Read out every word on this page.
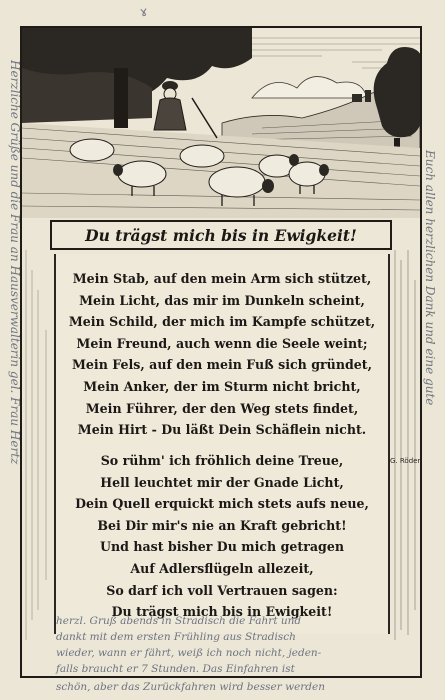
ɤ
Du trägst mich bis in Ewigkeit!
Mein Stab, auf den mein Arm sich stützet,
Mein Licht, das mir im Dunkeln scheint,
Mein Schild, der mich im Kampfe schützet,
Mein Freund, auch wenn die Seele weint;
Mein Fels, auf den mein Fuß sich gründet,
Mein Anker, der im Sturm nicht bricht,
Mein Führer, der den Weg stets findet,
Mein Hirt - Du läßt Dein Schäflein nicht.
So rühm' ich fröhlich deine Treue,
Hell leuchtet mir der Gnade Licht,
Dein Quell erquickt mich stets aufs neue,
Bei Dir mir's nie an Kraft gebricht!
Und hast bisher Du mich getragen
Auf Adlersflügeln allezeit,
So darf ich voll Vertrauen sagen:
Du trägst mich bis in Ewigkeit!
G. Röder
Herzliche Grüße und die Frau an Hausverwalterin gel. Frau Hertz	Euch allen herzlichen Dank und eine gute
herzl. Gruß abends in Stradisch die Fahrt und
dankt mit dem ersten Frühling aus Stradisch
wieder, wann er fährt, weiß ich noch nicht, jeden-
falls braucht er 7 Stunden. Das Einfahren ist
schön, aber das Zurückfahren wird besser werden
